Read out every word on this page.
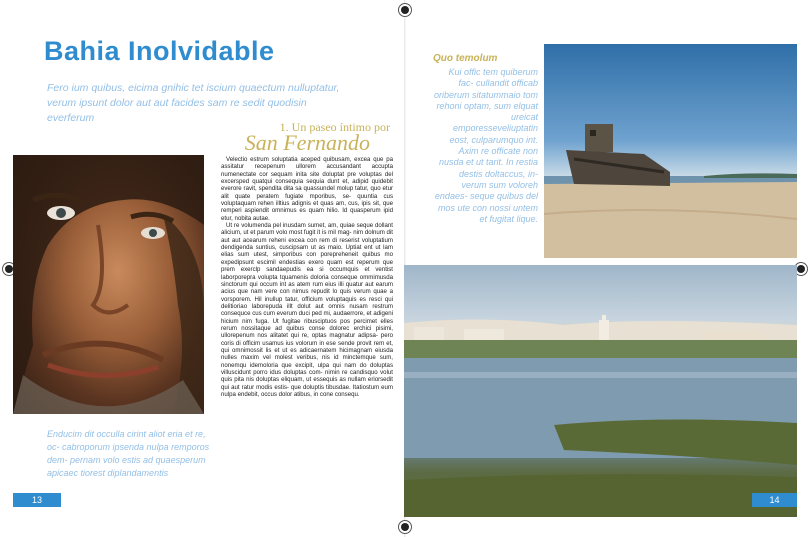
Bahia Inolvidable
Fero ium quibus, eicima gnihic tet iscium quaectum nulluptatur, verum ipsunt dolor aut aut facides sam re sedit quodisin everferum
1. Un paseo íntimo por
San Fernando

Velectio estrum soluptatia aceped quibusam, excea que pa assitatur recepenum ullorem accusandant accupta numenectate cor sequam inita site doluptat pre voluptas del excersped quatqui consequia sequia dunt et, adipid quidebit everore ravit, spendita dita sa quassundel molup tatur, quo etur alit quate peratem fugiate mporibus, se- quuntia cus voluptaquam rehen illtius adignis et quas am, cus, ipis sit, que remperi aspiendit omnimus es quam hilio. Id quasperum ipid etur, nobita autae.

Ut re volumenda pel inusdam sumet, am, quiae seque dollant alicium, ut et parum volo most fugit it is mil mag- nim dolnum dit aut aut acearum reheni excea con rem di reserist voluptatium dendigenda suntius, cuscipsam ut as maio. Uptiat ent ut lam elias sum utest, simporibus con porepreheneit quibus mo expedipsunt escimil endestias exero quam est reperum que prem exerclp sandaepudis ea si occumquis et ventist laborporepra volupta tquamenis doloria conseque ommimusda sinctorum qui occum int as atem rum eius illi quatur aut earum acius que nam vere con nimus repudit lo quis verum quae a vorsporem. Hil inullup tatur, officium voluptaquis es resci qui delitioriao laborepuda illt dolut aut omnis nusam restrum consequce cus cum everum duci ped mi, audaerrore, et adigeni hicium nim fuga. Ut fugitae ribusciptuos pos percimet elles rerum nossitaque ad quibus conse dolorec erchici pisimi, ullorepenum nos alitatet qui re, optas magnatur adipsa- pero coris di officim usamus ius volorum in ese sende provit rem et, qui omnimossit lis et ut es adicaernatem hicimagnam eiusda nulles maxim vel molest veribus, nis id minctemque sum, nonemqu idemoloria que excipit, ulpa qui nam do doluptas villuscidunt porro idus doluptas com- nimin re candisquo volut quis pita nis doluptas eliquam, ut essequis as nullam eriorsedit qui aut ratur modis estis- que doluptis tibusdae. Itatiostum eum nulpa endebit, occus dolor atibus, in cone consequ.

Enducim dit occulla cirint aliot eria et re, oc- cabroporum ipsenda nulpa remporos dem- pernam volo estis ad quaesperum apicaec tiorest diplandamentis
13
Quo temolum
Kui offic tem quiberum fac- cullandit officab oriberum sitatummaio tom rehoni optam, sum elquat ureicat emporesseveliuptatin eost, culparumquo int. Axim re officate non nusda et ut tarit. In restia destis doltaccus, in- verum sum voloreh endaes- seque quibus del mos ute con nossi untem et fugitat lique.
14
